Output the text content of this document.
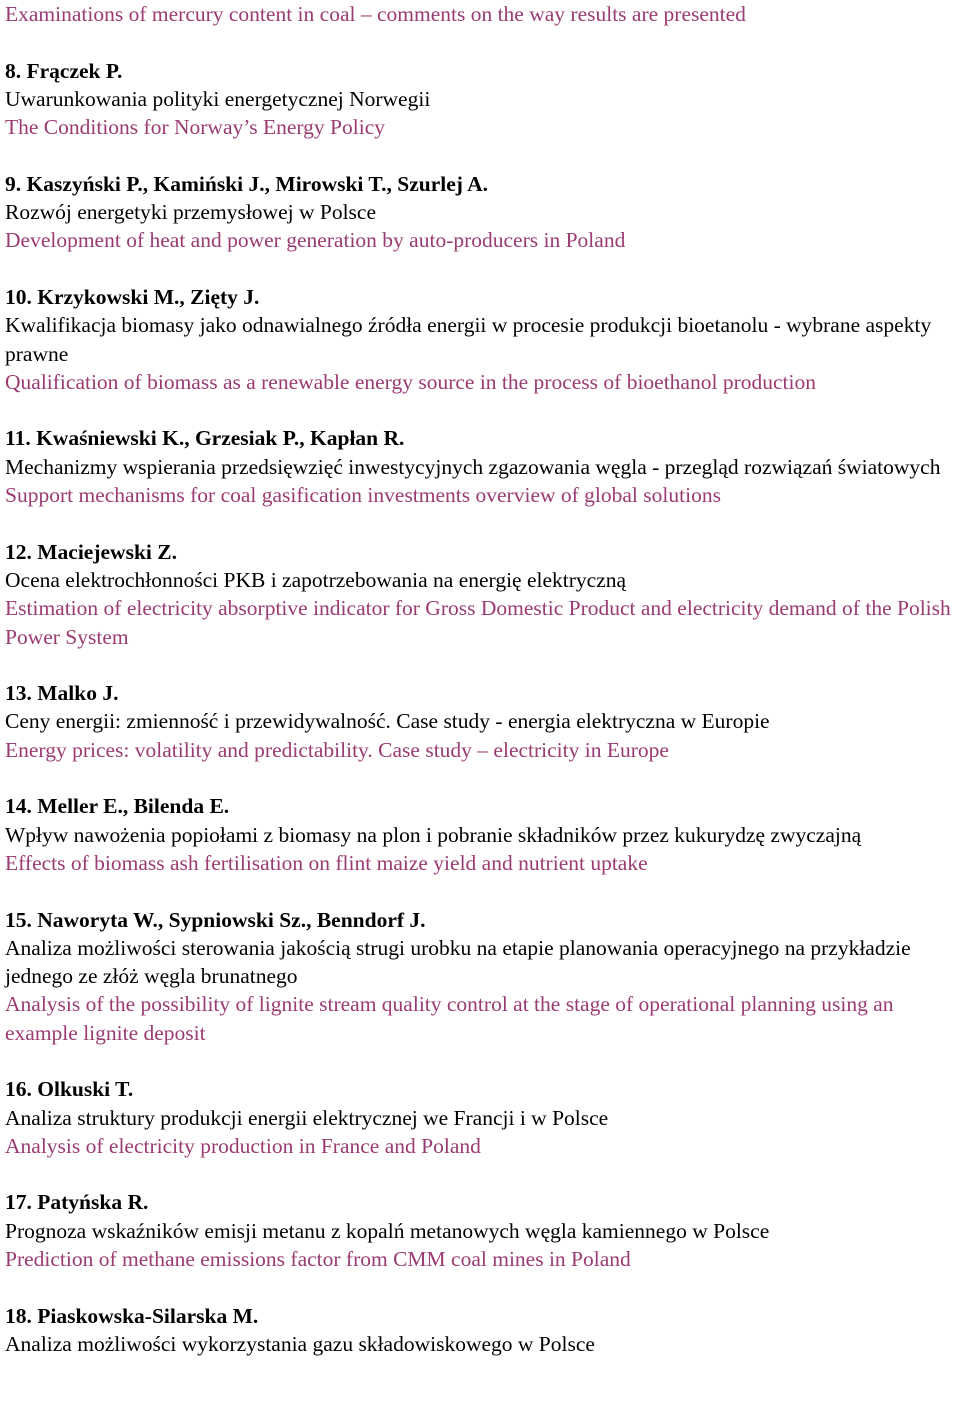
Examinations of mercury content in coal – comments on the way results are presented

8. Frączek P.

Uwarunkowania polityki energetycznej Norwegii

The Conditions for Norway’s Energy Policy

9. Kaszyński P., Kamiński J., Mirowski T., Szurlej A.

Rozwój energetyki przemysłowej w Polsce

Development of heat and power generation by auto-producers in Poland

10. Krzykowski M., Zięty J.

Kwalifikacja biomasy jako odnawialnego źródła energii w procesie produkcji bioetanolu - wybrane aspekty prawne

Qualification of biomass as a renewable energy source in the process of bioethanol production

11. Kwaśniewski K., Grzesiak P., Kapłan R.

Mechanizmy wspierania przedsięwzięć inwestycyjnych zgazowania węgla - przegląd rozwiązań światowych

Support mechanisms for coal gasification investments overview of global solutions

12. Maciejewski Z.

Ocena elektrochłonności PKB i zapotrzebowania na energię elektryczną

Estimation of electricity absorptive indicator for Gross Domestic Product and electricity demand of the Polish Power System

13. Malko J.

Ceny energii: zmienność i przewidywalność. Case study - energia elektryczna w Europie

Energy prices: volatility and predictability. Case study – electricity in Europe

14. Meller E., Bilenda E.

Wpływ nawożenia popiołami z biomasy na plon i pobranie składników przez kukurydzę zwyczajną

Effects of biomass ash fertilisation on flint maize yield and nutrient uptake

15. Naworyta W., Sypniowski Sz., Benndorf J.

Analiza możliwości sterowania jakością strugi urobku na etapie planowania operacyjnego na przykładzie jednego ze złóż węgla brunatnego

Analysis of the possibility of lignite stream quality control at the stage of operational planning using an example lignite deposit

16. Olkuski T.

Analiza struktury produkcji energii elektrycznej we Francji i w Polsce

Analysis of electricity production in France and Poland

17. Patyńska R.

Prognoza wskaźników emisji metanu z kopalń metanowych węgla kamiennego w Polsce

Prediction of methane emissions factor from CMM coal mines in Poland

18. Piaskowska-Silarska M.

Analiza możliwości wykorzystania gazu składowiskowego w Polsce
